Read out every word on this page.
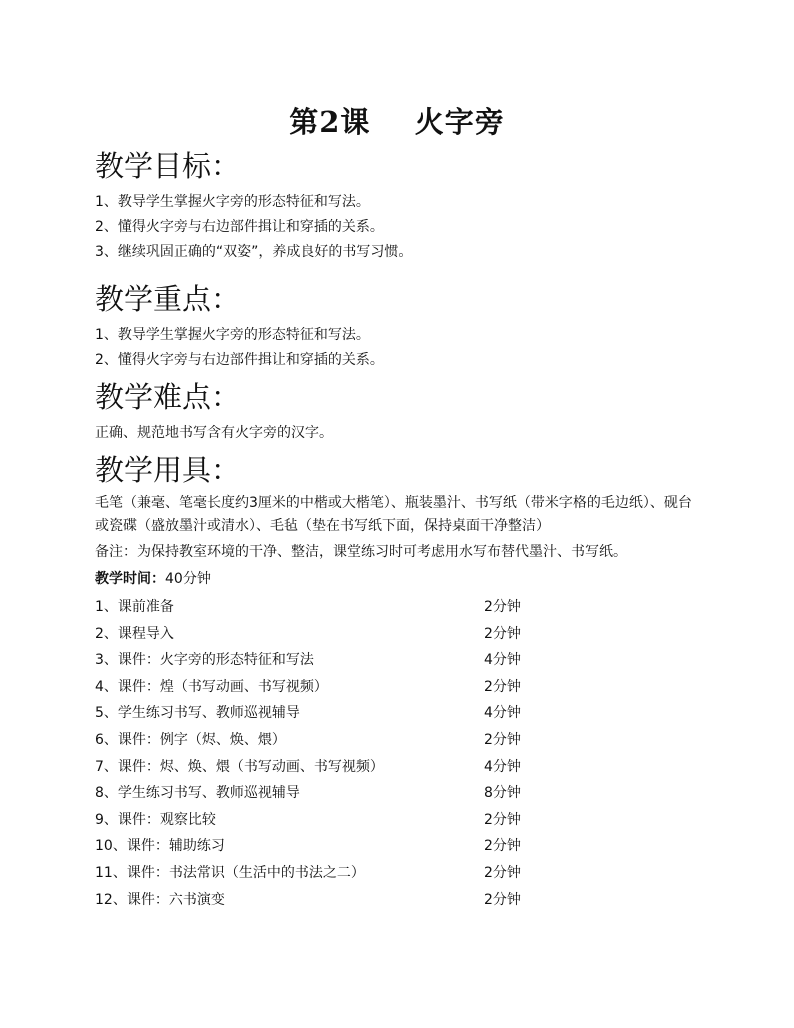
第2课    火字旁
教学目标：
1、教导学生掌握火字旁的形态特征和写法。
2、懂得火字旁与右边部件揖让和穿插的关系。
3、继续巩固正确的“双姿”，养成良好的书写习惯。
教学重点：
1、教导学生掌握火字旁的形态特征和写法。
2、懂得火字旁与右边部件揖让和穿插的关系。
教学难点：
正确、规范地书写含有火字旁的汉字。
教学用具：
毛笔（兼毫、笔毫长度约3厘米的中楷或大楷笔）、瓶装墨汁、书写纸（带米字格的毛边纸）、砚台或瓷碟（盛放墨汁或清水）、毛毡（垫在书写纸下面，保持桌面干净整洁）
备注：为保持教室环境的干净、整洁，课堂练习时可考虑用水写布替代墨汁、书写纸。
教学时间：40分钟
1、课前准备	2分钟
2、课程导入	2分钟
3、课件：火字旁的形态特征和写法	4分钟
4、课件：煌（书写动画、书写视频）	2分钟
5、学生练习书写、教师巡视辅导	4分钟
6、课件：例字（烬、焕、煨）	2分钟
7、课件：烬、焕、煨（书写动画、书写视频）	4分钟
8、学生练习书写、教师巡视辅导	8分钟
9、课件：观察比较	2分钟
10、课件：辅助练习	2分钟
11、课件：书法常识（生活中的书法之二）	2分钟
12、课件：六书演变	2分钟
